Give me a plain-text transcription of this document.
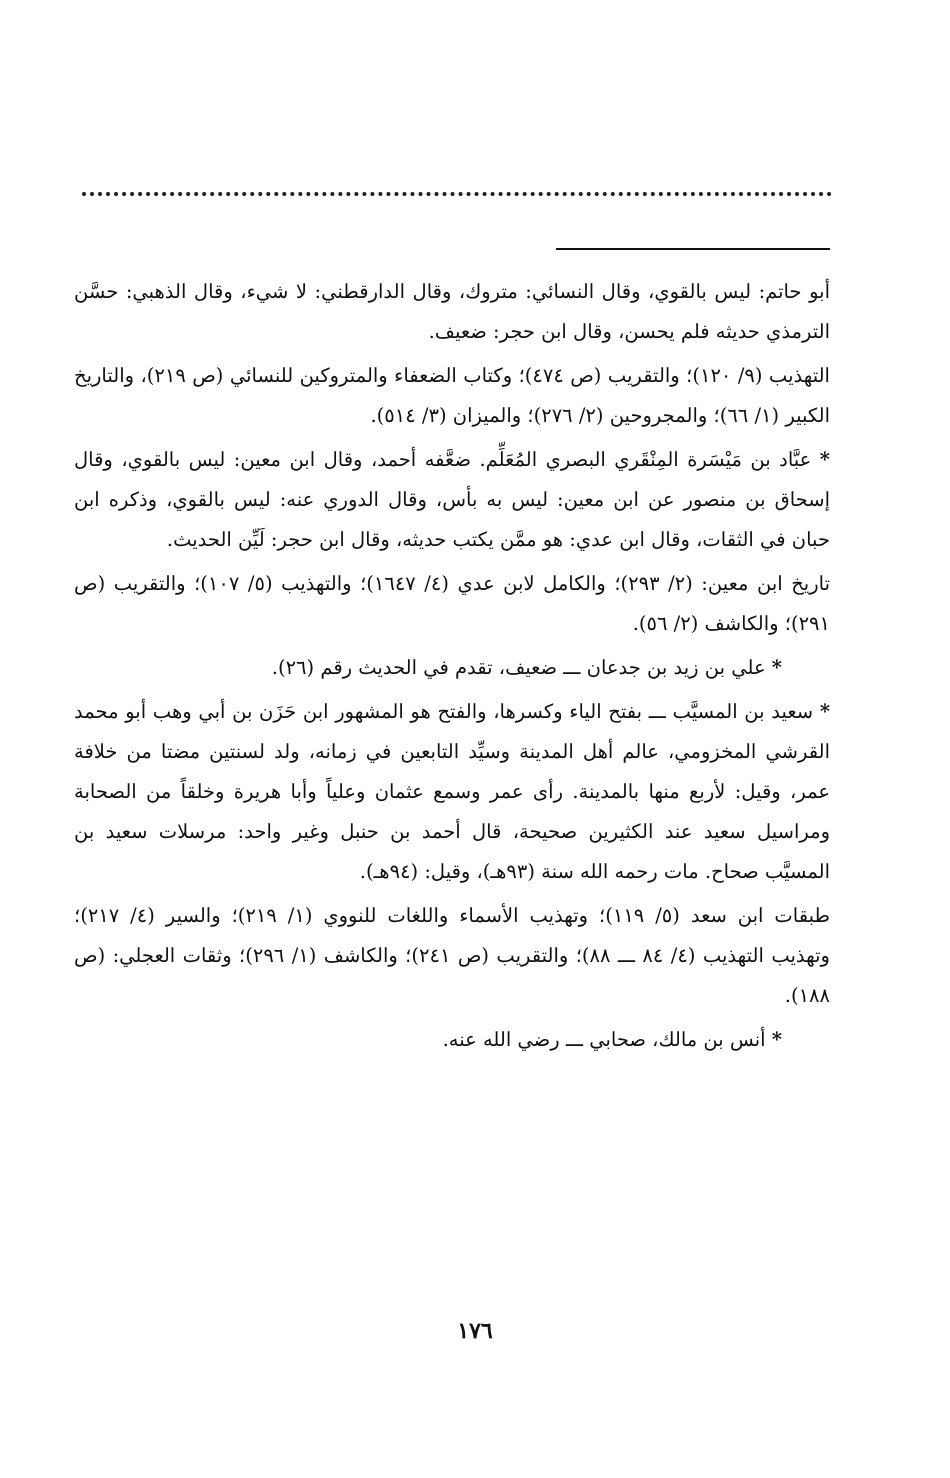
أبو حاتم: ليس بالقوي، وقال النسائي: متروك، وقال الدارقطني: لا شيء، وقال الذهبي: حسَّن الترمذي حديثه فلم يحسن، وقال ابن حجر: ضعيف.

التهذيب (٩/ ١٢٠)؛ والتقريب (ص ٤٧٤)؛ وكتاب الضعفاء والمتروكين للنسائي (ص ٢١٩)، والتاريخ الكبير (١/ ٦٦)؛ والمجروحين (٢/ ٢٧٦)؛ والميزان (٣/ ٥١٤).

* عبَّاد بن مَيْسَرة المِنْقَري البصري المُعَلِّم. ضعَّفه أحمد، وقال ابن معين: ليس بالقوي، وقال إسحاق بن منصور عن ابن معين: ليس به بأس، وقال الدوري عنه: ليس بالقوي، وذكره ابن حبان في الثقات، وقال ابن عدي: هو ممَّن يكتب حديثه، وقال ابن حجر: لَيِّن الحديث.

تاريخ ابن معين: (٢/ ٢٩٣)؛ والكامل لابن عدي (٤/ ١٦٤٧)؛ والتهذيب (٥/ ١٠٧)؛ والتقريب (ص ٢٩١)؛ والكاشف (٢/ ٥٦).

* علي بن زيد بن جدعان ـــ ضعيف، تقدم في الحديث رقم (٢٦).

* سعيد بن المسيَّب ـــ بفتح الياء وكسرها، والفتح هو المشهور ابن حَزَن بن أبي وهب أبو محمد القرشي المخزومي، عالم أهل المدينة وسيِّد التابعين في زمانه، ولد لسنتين مضتا من خلافة عمر، وقيل: لأربع منها بالمدينة. رأى عمر وسمع عثمان وعلياً وأبا هريرة وخلقاً من الصحابة ومراسيل سعيد عند الكثيرين صحيحة، قال أحمد بن حنبل وغير واحد: مرسلات سعيد بن المسيَّب صحاح. مات رحمه الله سنة (٩٣هـ)، وقيل: (٩٤هـ).

طبقات ابن سعد (٥/ ١١٩)؛ وتهذيب الأسماء واللغات للنووي (١/ ٢١٩)؛ والسير (٤/ ٢١٧)؛ وتهذيب التهذيب (٤/ ٨٤ ـــ ٨٨)؛ والتقريب (ص ٢٤١)؛ والكاشف (١/ ٢٩٦)؛ وثقات العجلي: (ص ١٨٨).

* أنس بن مالك، صحابي ـــ رضي الله عنه.

١٧٦
